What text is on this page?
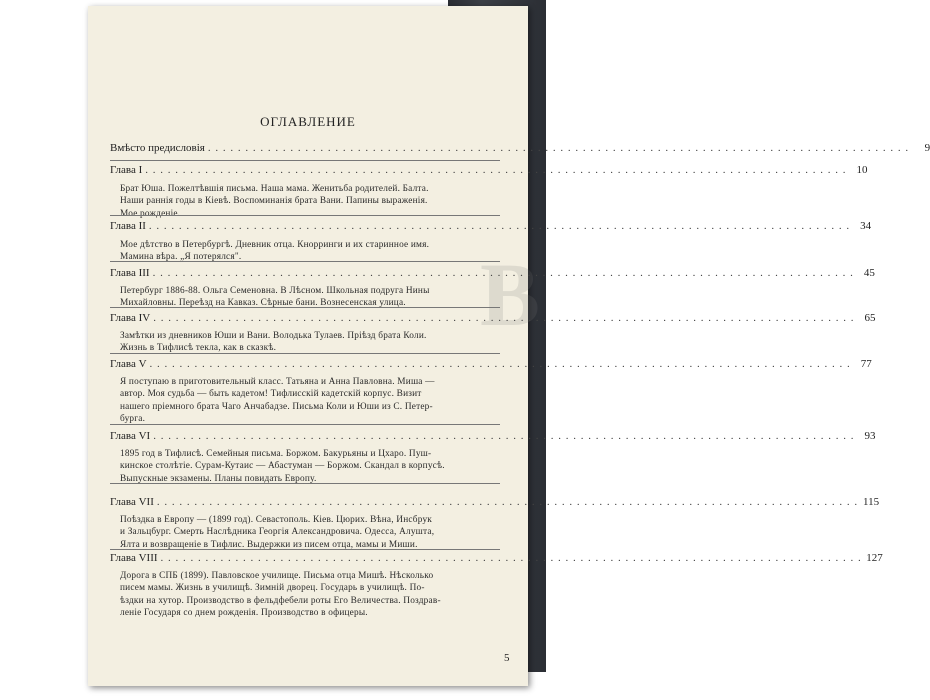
В
ОГЛАВЛЕНИЕ
Вмѣсто предисловія . . .	9
Глава I . . .	10
Брат Юша. Пожелтѣвшія письма. Наша мама. Женитьба родителей. Балта.
Наши раннія годы в Кіевѣ. Воспоминанія брата Вани. Папины выраженія.
Мое рожденіе.
Глава II . . .	34
Мое дѣтство в Петербургѣ. Дневник отца. Кнорринги и их старинное имя.
Мамина вѣра. „Я потерялся".
Глава III . . .	45
Петербург 1886-88. Ольга Семеновна. В Лѣсном. Школьная подруга Нины
Михайловны. Переѣзд на Кавказ. Сѣрные бани. Вознесенская улица.
Глава IV . . .	65
Замѣтки из дневников Юши и Вани. Володька Тулаев. Пріѣзд брата Коли.
Жизнь в Тифлисѣ текла, как в сказкѣ.
Глава V . . .	77
Я поступаю в приготовительный класс. Татьяна и Анна Павловна. Миша —
автор. Моя судьба — быть кадетом! Тифлисскій кадетскій корпус. Визит
нашего пріемного брата Чаго Анчабадзе. Письма Коли и Юши из С. Петер-
бурга.
Глава VI . . .	93
1895 год в Тифлисѣ. Семейныя письма. Боржом. Бакурьяны и Цхаро. Пуш-
кинское столѣтіе. Сурам-Кутаис — Абастуман — Боржом. Скандал в корпусѣ.
Выпускные экзамены. Планы повидать Европу.
Глава VII . . .	115
Поѣздка в Европу — (1899 год). Севастополь. Кіев. Цюрих. Вѣна, Инсбрук
и Зальцбург. Смерть Наслѣдника Георгія Александровича. Одесса, Алушта,
Ялта и возвращеніе в Тифлис. Выдержки из писем отца, мамы и Миши.
Глава VIII . . .	127
Дорога в СПБ (1899). Павловское училище. Письма отца Мишѣ. Нѣсколько
писем мамы. Жизнь в училищѣ. Зимній дворец. Государь в училищѣ. По-
ѣздки на хутор. Производство в фельдфебели роты Его Величества. Поздрав-
леніе Государя со днем рожденія. Производство в офицеры.
5
